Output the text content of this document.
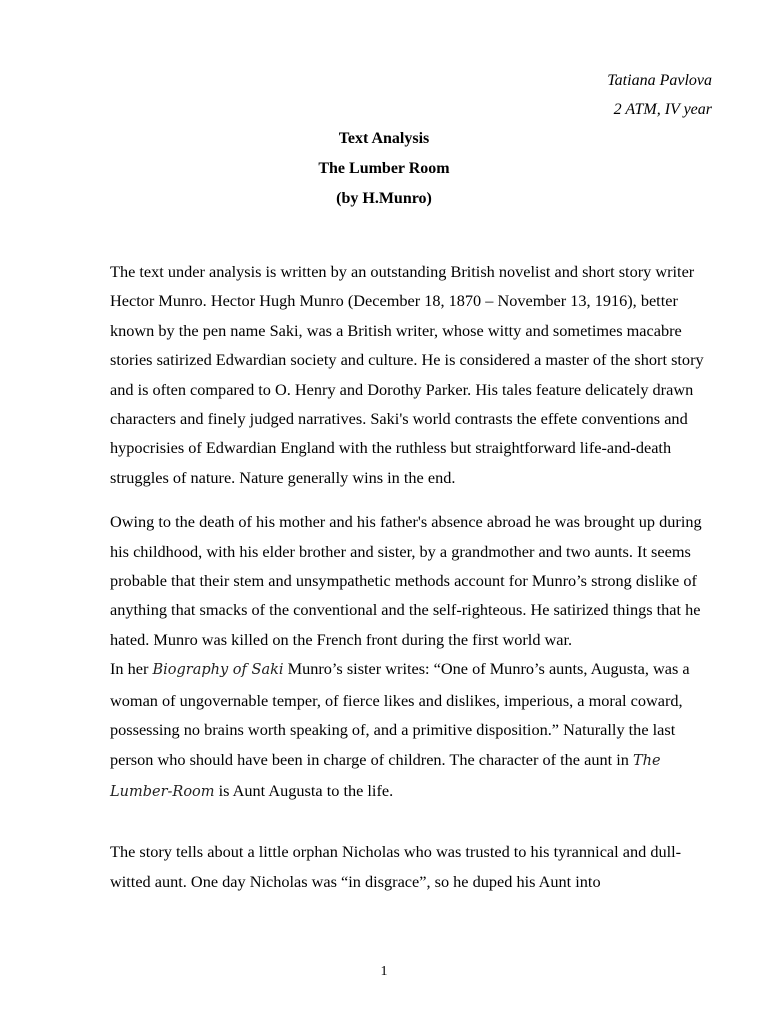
Tatiana Pavlova
2 ATM, IV year
Text Analysis
The Lumber Room
(by H.Munro)

The text under analysis is written by an outstanding British novelist and short story writer Hector Munro. Hector Hugh Munro (December 18, 1870 – November 13, 1916), better known by the pen name Saki, was a British writer, whose witty and sometimes macabre stories satirized Edwardian society and culture. He is considered a master of the short story and is often compared to O. Henry and Dorothy Parker. His tales feature delicately drawn characters and finely judged narratives. Saki's world contrasts the effete conventions and hypocrisies of Edwardian England with the ruthless but straightforward life-and-death struggles of nature. Nature generally wins in the end.

Owing to the death of his mother and his father's absence abroad he was brought up during his childhood, with his elder brother and sister, by a grandmother and two aunts. It seems probable that their stem and unsympathetic methods account for Munro’s strong dislike of anything that smacks of the conventional and the self-righteous. He satirized things that he hated. Munro was killed on the French front during the first world war.

In her Biography of Saki Munro’s sister writes: “One of Munro’s aunts, Augusta, was a woman of ungovernable temper, of fierce likes and dislikes, imperious, a moral coward, possessing no brains worth speaking of, and a primitive disposition.” Naturally the last person who should have been in charge of children. The character of the aunt in The Lumber-Room is Aunt Augusta to the life.

The story tells about a little orphan Nicholas who was trusted to his tyrannical and dull-witted aunt. One day Nicholas was “in disgrace”, so he duped his Aunt into

1
